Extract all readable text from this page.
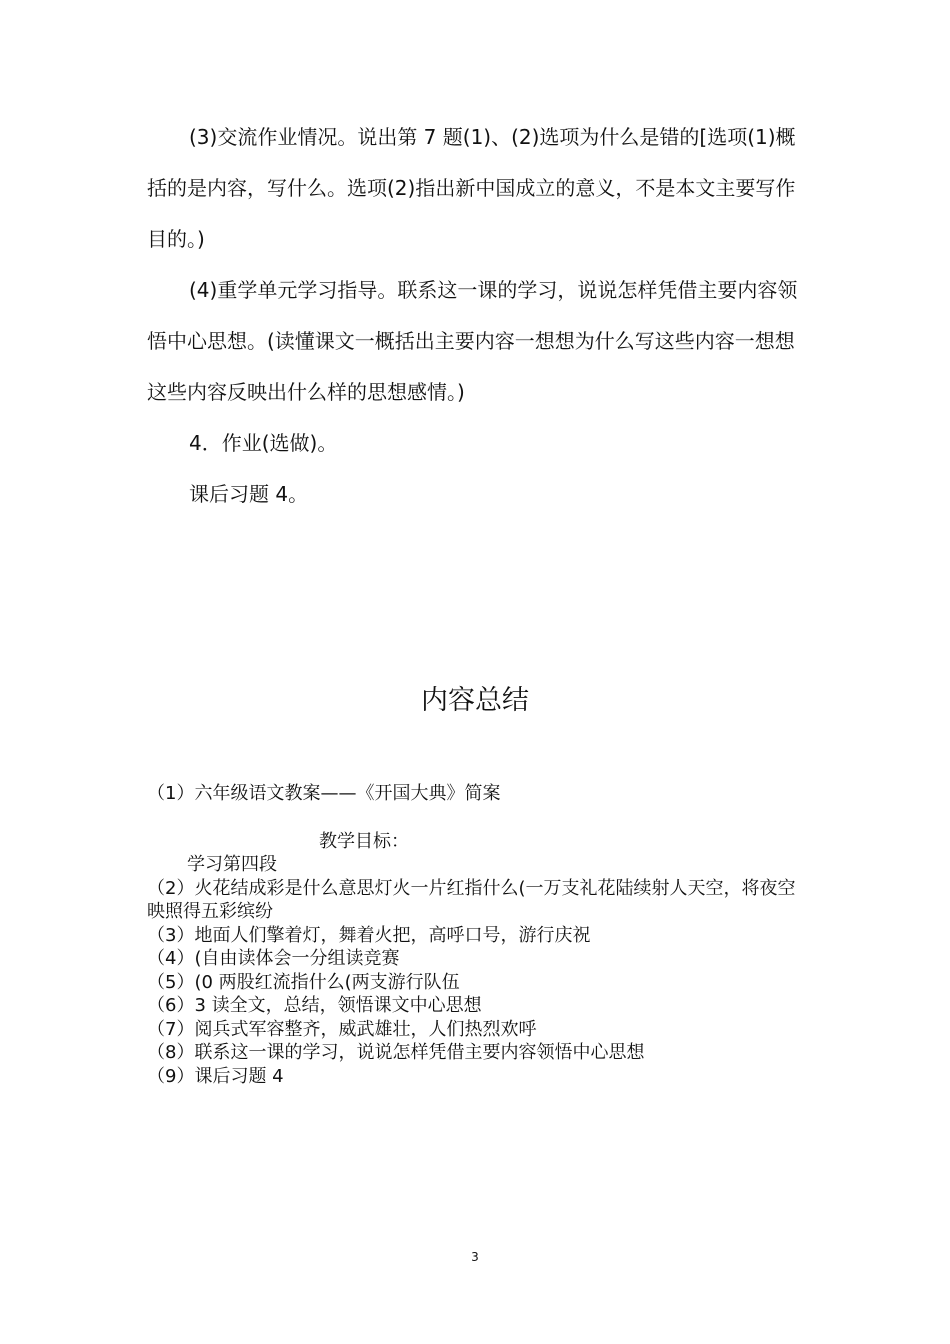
(3)交流作业情况。说出第 7 题(1)、(2)选项为什么是错的[选项(1)概括的是内容，写什么。选项(2)指出新中国成立的意义，不是本文主要写作目的。)

(4)重学单元学习指导。联系这一课的学习，说说怎样凭借主要内容领悟中心思想。(读懂课文一概括出主要内容一想想为什么写这些内容一想想这些内容反映出什么样的思想感情。)

4．作业(选做)。

课后习题 4。

内容总结

（1）六年级语文教案——《开国大典》简案

教学目标：

学习第四段

（2）火花结成彩是什么意思灯火一片红指什么(一万支礼花陆续射人天空，将夜空映照得五彩缤纷

（3）地面人们擎着灯，舞着火把，高呼口号，游行庆祝

（4）(自由读体会一分组读竞赛

（5）(0 两股红流指什么(两支游行队伍

（6）3 读全文，总结，领悟课文中心思想

（7）阅兵式军容整齐，威武雄壮，人们热烈欢呼

（8）联系这一课的学习，说说怎样凭借主要内容领悟中心思想

（9）课后习题 4

3
